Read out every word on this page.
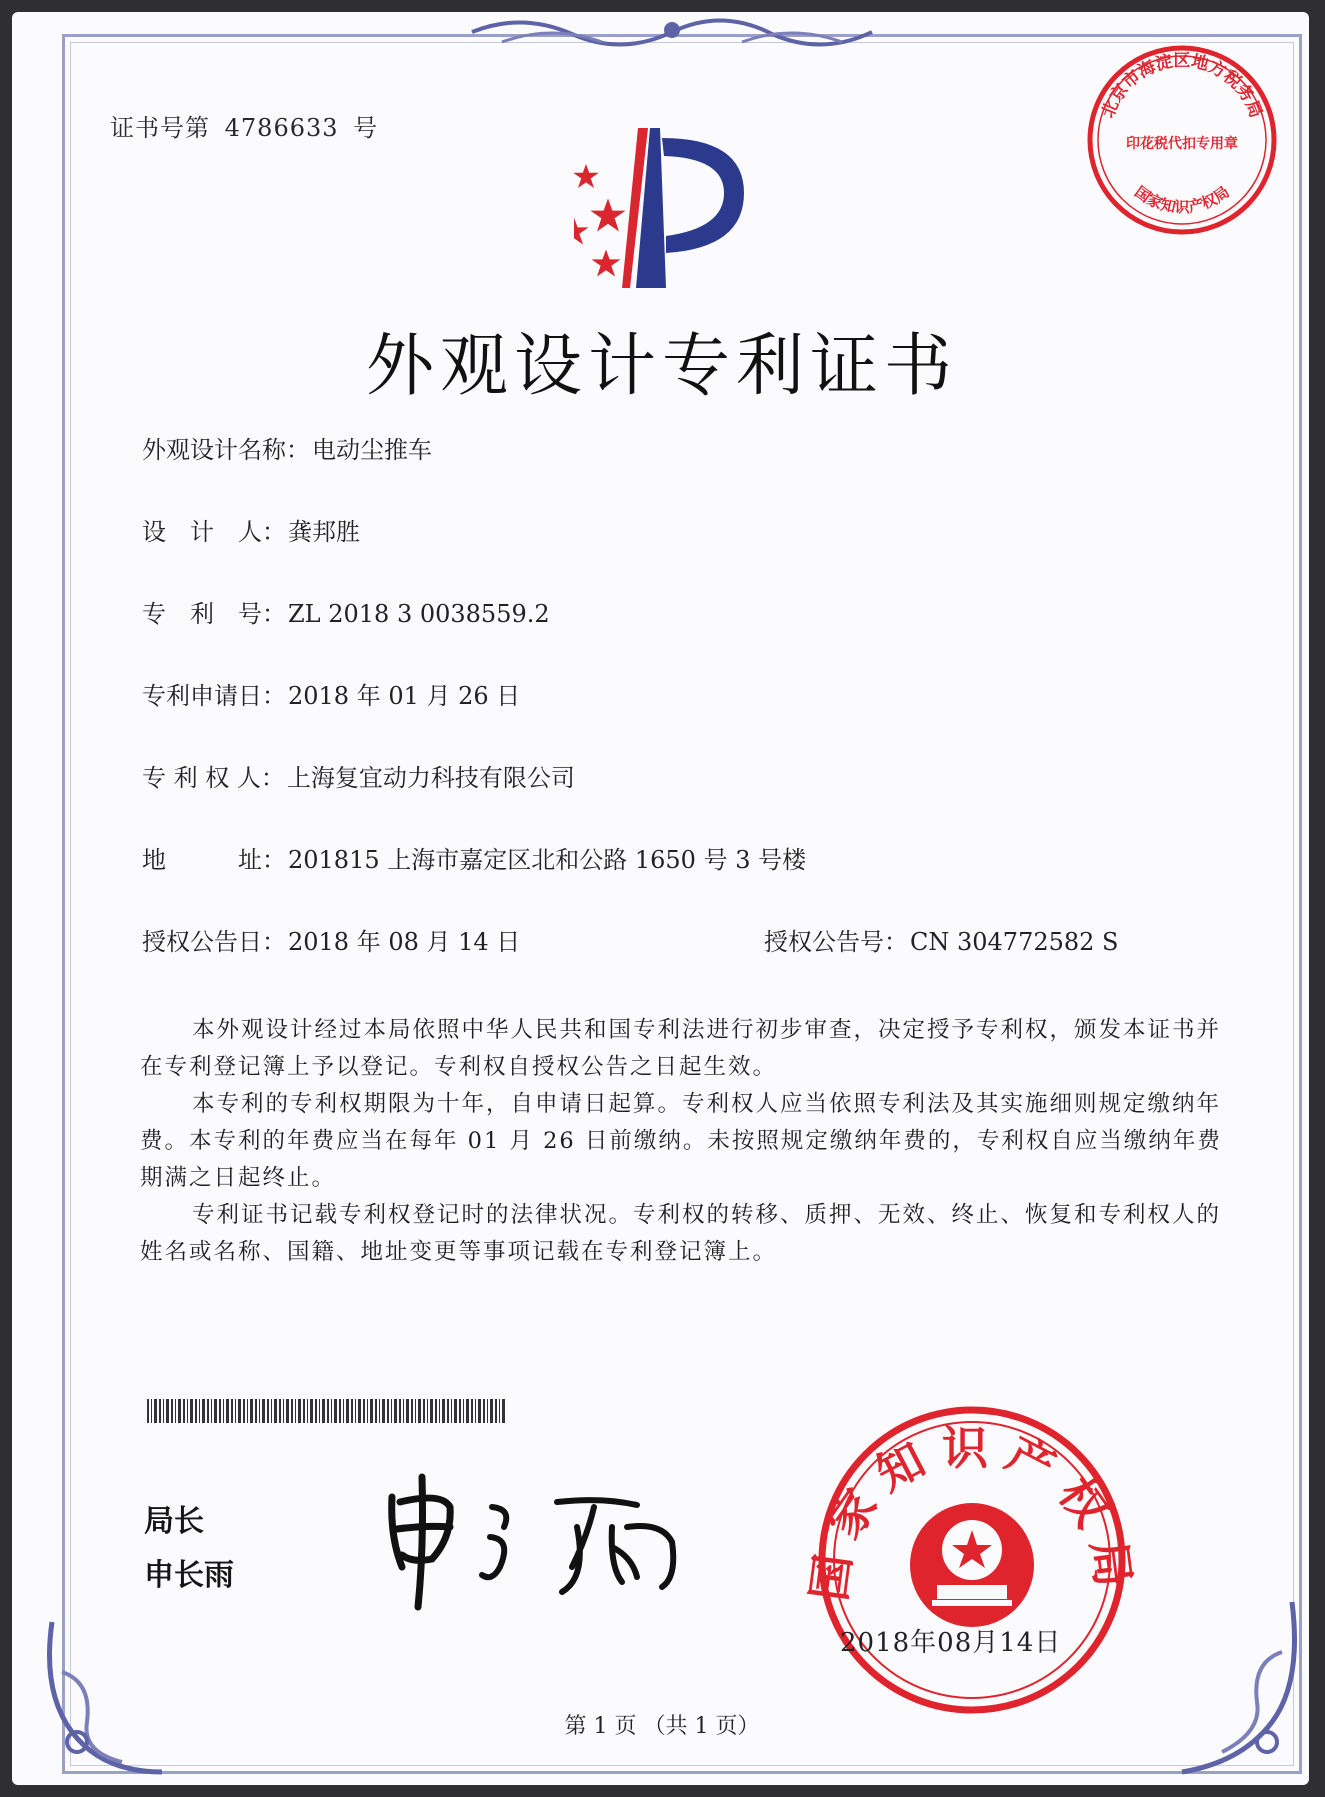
证书号第 4786633 号
北京市海淀区地方税务局
国家知识产权局
印花税代扣专用章
外观设计专利证书
外观设计名称：电动尘推车
设　计　人：龚邦胜
专　利　号：ZL 2018 3 0038559.2
专利申请日：2018 年 01 月 26 日
专 利 权 人：上海复宜动力科技有限公司
地　　　址：201815 上海市嘉定区北和公路 1650 号 3 号楼
授权公告日：2018 年 08 月 14 日	授权公告号：CN 304772582 S

本外观设计经过本局依照中华人民共和国专利法进行初步审查，决定授予专利权，颁发本证书并在专利登记簿上予以登记。专利权自授权公告之日起生效。

本专利的专利权期限为十年，自申请日起算。专利权人应当依照专利法及其实施细则规定缴纳年费。本专利的年费应当在每年 01 月 26 日前缴纳。未按照规定缴纳年费的，专利权自应当缴纳年费期满之日起终止。

专利证书记载专利权登记时的法律状况。专利权的转移、质押、无效、终止、恢复和专利权人的姓名或名称、国籍、地址变更等事项记载在专利登记簿上。

局长
申长雨	国家知识产权局
2018年08月14日
第 1 页 （共 1 页）
